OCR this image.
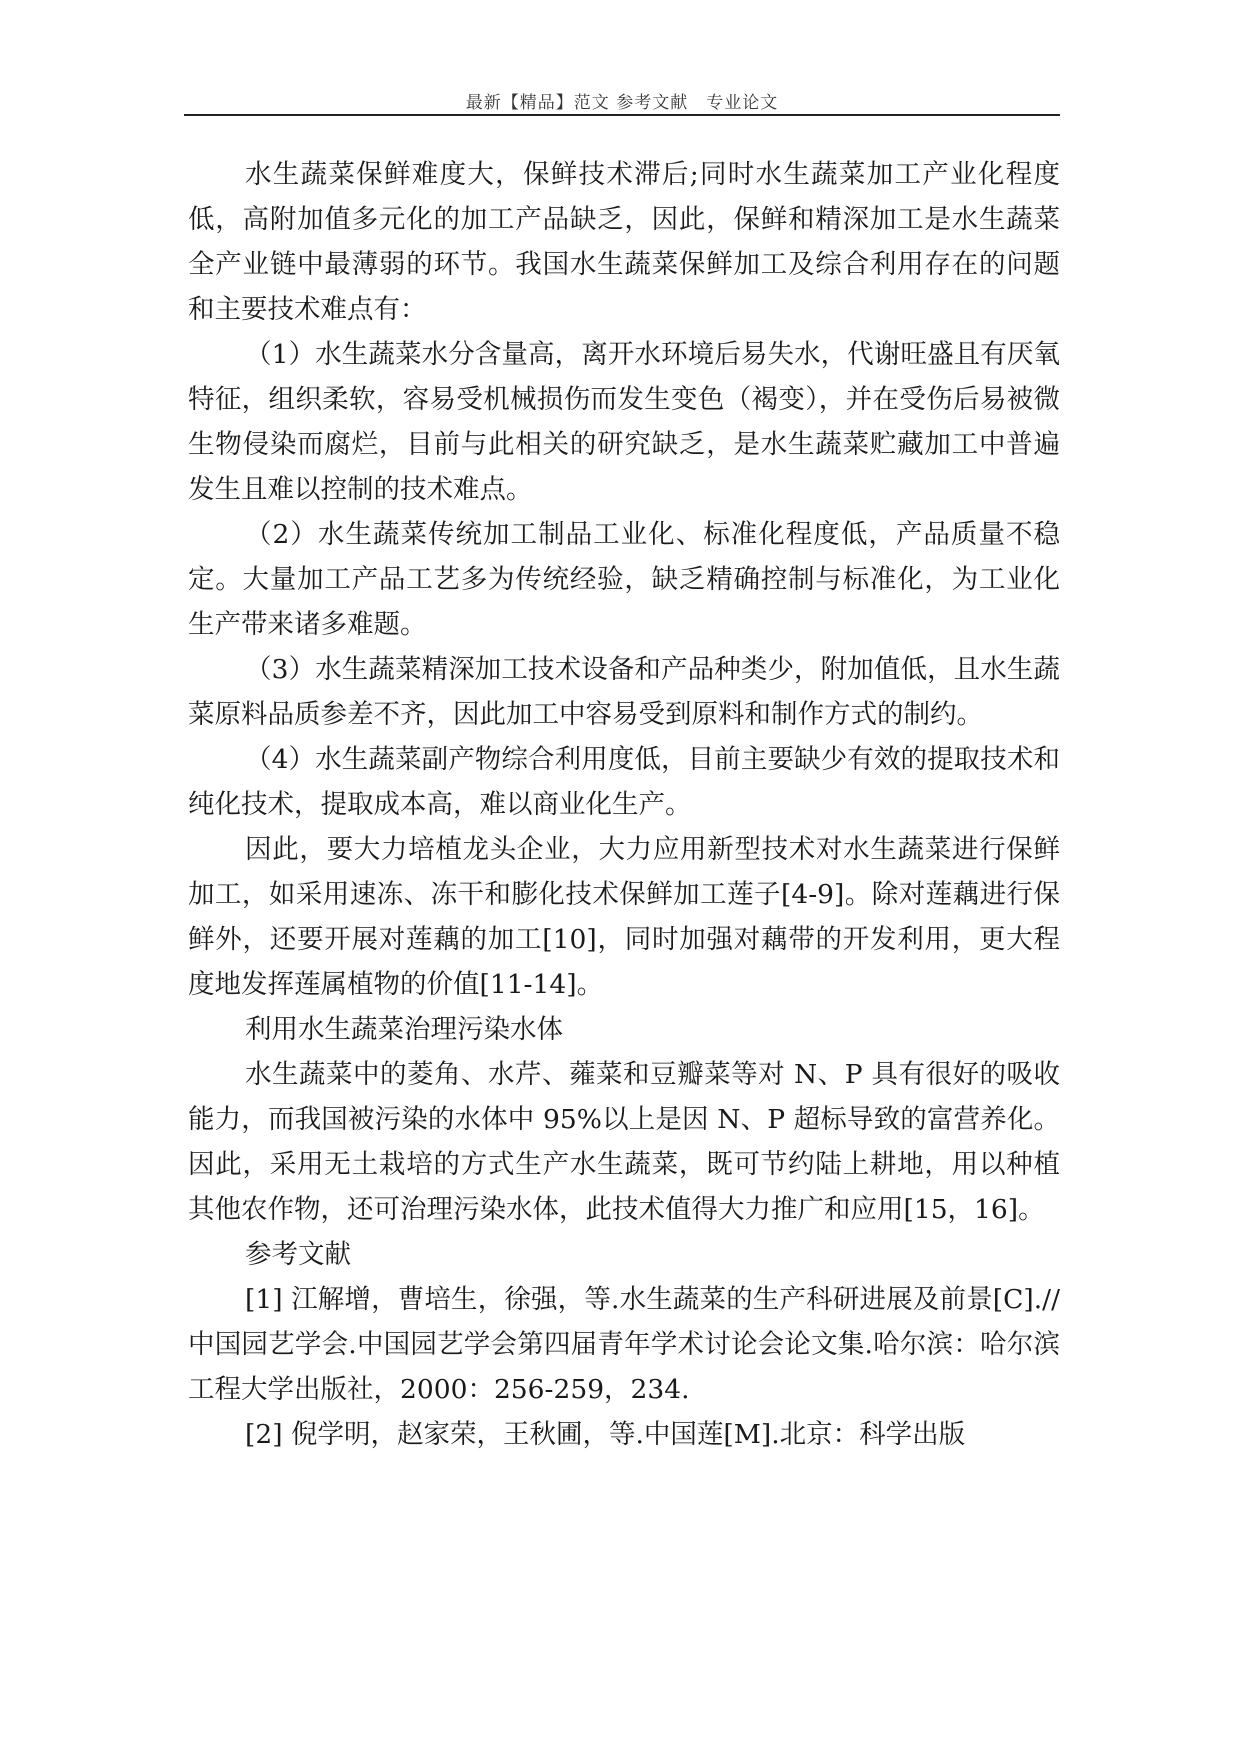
最新【精品】范文 参考文献　专业论文

水生蔬菜保鲜难度大，保鲜技术滞后;同时水生蔬菜加工产业化程度低，高附加值多元化的加工产品缺乏，因此，保鲜和精深加工是水生蔬菜全产业链中最薄弱的环节。我国水生蔬菜保鲜加工及综合利用存在的问题和主要技术难点有：

（1）水生蔬菜水分含量高，离开水环境后易失水，代谢旺盛且有厌氧特征，组织柔软，容易受机械损伤而发生变色（褐变），并在受伤后易被微生物侵染而腐烂，目前与此相关的研究缺乏，是水生蔬菜贮藏加工中普遍发生且难以控制的技术难点。

（2）水生蔬菜传统加工制品工业化、标准化程度低，产品质量不稳定。大量加工产品工艺多为传统经验，缺乏精确控制与标准化，为工业化生产带来诸多难题。

（3）水生蔬菜精深加工技术设备和产品种类少，附加值低，且水生蔬菜原料品质参差不齐，因此加工中容易受到原料和制作方式的制约。

（4）水生蔬菜副产物综合利用度低，目前主要缺少有效的提取技术和纯化技术，提取成本高，难以商业化生产。

因此，要大力培植龙头企业，大力应用新型技术对水生蔬菜进行保鲜加工，如采用速冻、冻干和膨化技术保鲜加工莲子[4-9]。除对莲藕进行保鲜外，还要开展对莲藕的加工[10]，同时加强对藕带的开发利用，更大程度地发挥莲属植物的价值[11-14]。

利用水生蔬菜治理污染水体

水生蔬菜中的菱角、水芹、蕹菜和豆瓣菜等对 N、P 具有很好的吸收能力，而我国被污染的水体中 95%以上是因 N、P 超标导致的富营养化。因此，采用无土栽培的方式生产水生蔬菜，既可节约陆上耕地，用以种植其他农作物，还可治理污染水体，此技术值得大力推广和应用[15，16]。

参考文献

[1] 江解增，曹培生，徐强，等.水生蔬菜的生产科研进展及前景[C].//中国园艺学会.中国园艺学会第四届青年学术讨论会论文集.哈尔滨：哈尔滨工程大学出版社，2000：256-259，234.

[2] 倪学明，赵家荣，王秋圃，等.中国莲[M].北京：科学出版
